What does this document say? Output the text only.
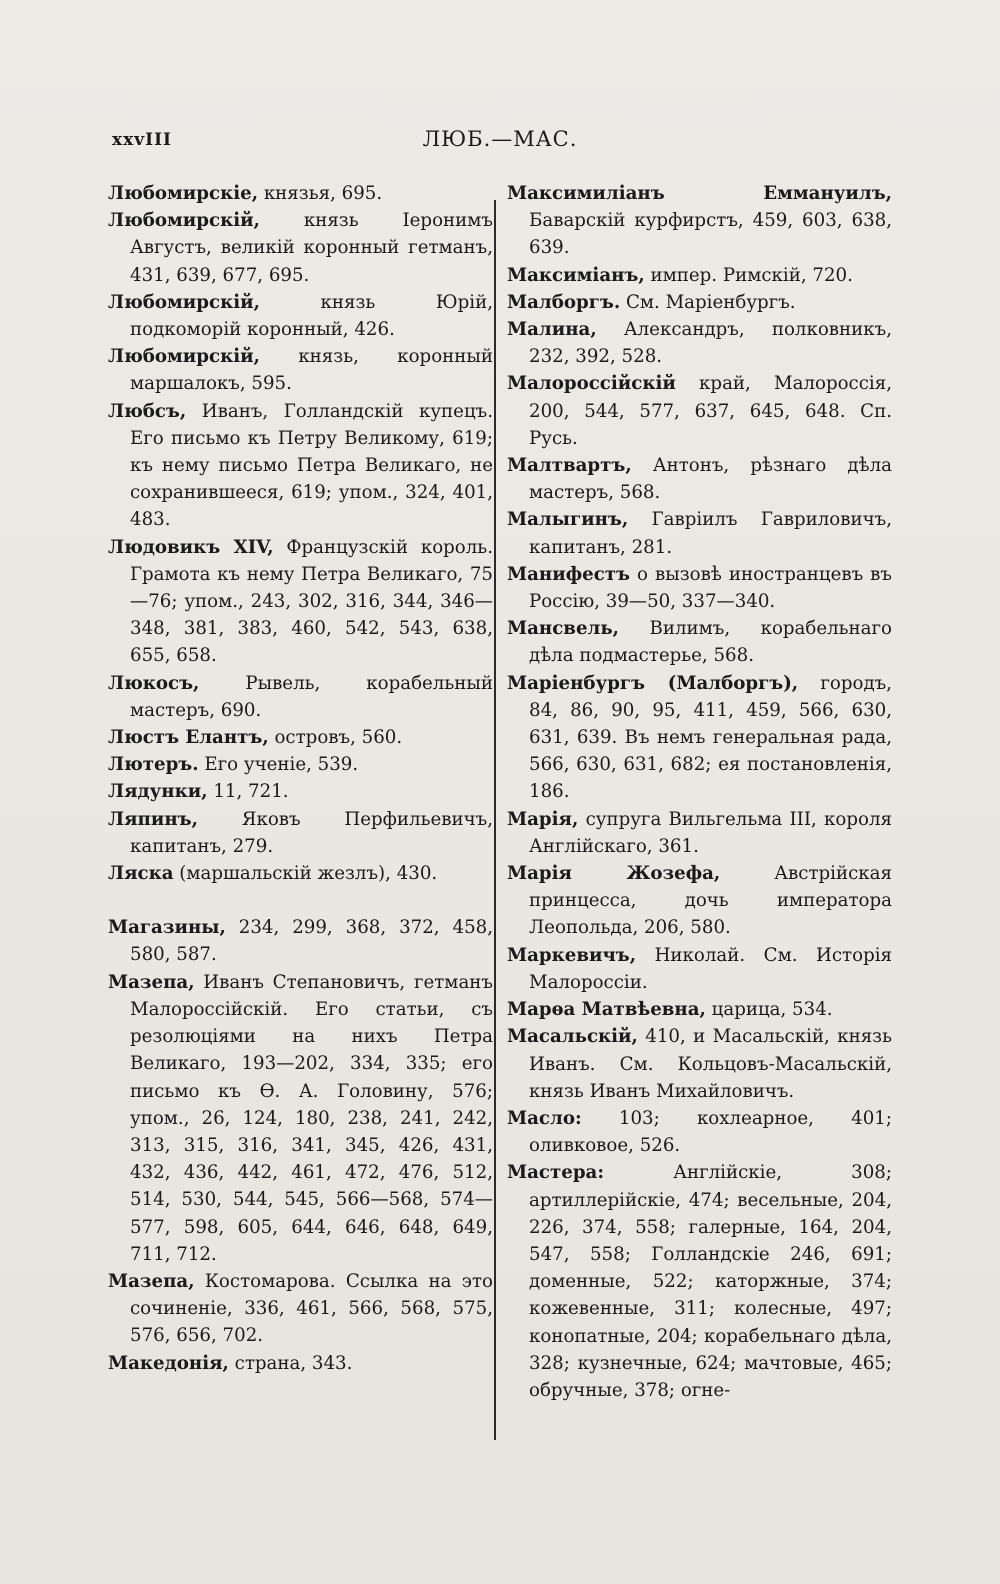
xxvIII	ЛЮБ.—МАС.

Любомирскіе, князья, 695.

Любомирскій, князь Іеронимъ Августъ, великій коронный гетманъ, 431, 639, 677, 695.

Любомирскій, князь Юрій, подкоморій коронный, 426.

Любомирскій, князь, коронный маршалокъ, 595.

Любсъ, Иванъ, Голландскій купецъ. Его письмо къ Петру Великому, 619; къ нему письмо Петра Великаго, не сохранившееся, 619; упом., 324, 401, 483.

Людовикъ XIV, Французскій король. Грамота къ нему Петра Великаго, 75—76; упом., 243, 302, 316, 344, 346—348, 381, 383, 460, 542, 543, 638, 655, 658.

Люкосъ, Рывель, корабельный мастеръ, 690.

Люстъ Елантъ, островъ, 560.

Лютеръ. Его ученіе, 539.

Лядунки, 11, 721.

Ляпинъ, Яковъ Перфильевичъ, капитанъ, 279.

Ляска (маршальскій жезлъ), 430.

Магазины, 234, 299, 368, 372, 458, 580, 587.

Мазепа, Иванъ Степановичъ, гетманъ Малороссійскій. Его статьи, съ резолюціями на нихъ Петра Великаго, 193—202, 334, 335; его письмо къ Ѳ. А. Головину, 576; упом., 26, 124, 180, 238, 241, 242, 313, 315, 316, 341, 345, 426, 431, 432, 436, 442, 461, 472, 476, 512, 514, 530, 544, 545, 566—568, 574—577, 598, 605, 644, 646, 648, 649, 711, 712.

Мазепа, Костомарова. Ссылка на это сочиненіе, 336, 461, 566, 568, 575, 576, 656, 702.

Македонія, страна, 343.

Максимиліанъ Еммануилъ, Баварскій курфирстъ, 459, 603, 638, 639.

Максиміанъ, импер. Римскій, 720.

Малборгъ. См. Маріенбургъ.

Малина, Александръ, полковникъ, 232, 392, 528.

Малороссійскій край, Малороссія, 200, 544, 577, 637, 645, 648. Сп. Русь.

Малтвартъ, Антонъ, рѣзнаго дѣла мастеръ, 568.

Малыгинъ, Гавріилъ Гавриловичъ, капитанъ, 281.

Манифестъ о вызовѣ иностранцевъ въ Россію, 39—50, 337—340.

Мансвель, Вилимъ, корабельнаго дѣла подмастерье, 568.

Маріенбургъ (Малборгъ), городъ, 84, 86, 90, 95, 411, 459, 566, 630, 631, 639. Въ немъ генеральная рада, 566, 630, 631, 682; ея постановленія, 186.

Марія, супруга Вильгельма III, короля Англійскаго, 361.

Марія Жозефа, Австрійская принцесса, дочь императора Леопольда, 206, 580.

Маркевичъ, Николай. См. Исторія Малороссіи.

Марѳа Матвѣевна, царица, 534.

Масальскій, 410, и Масальскій, князь Иванъ. См. Кольцовъ-Масальскій, князь Иванъ Михайловичъ.

Масло: 103; кохлеарное, 401; оливковое, 526.

Мастера: Англійскіе, 308; артиллерійскіе, 474; весельные, 204, 226, 374, 558; галерные, 164, 204, 547, 558; Голландскіе 246, 691; доменные, 522; каторжные, 374; кожевенные, 311; колесные, 497; конопатные, 204; корабельнаго дѣла, 328; кузнечные, 624; мачтовые, 465; обручные, 378; огне-
